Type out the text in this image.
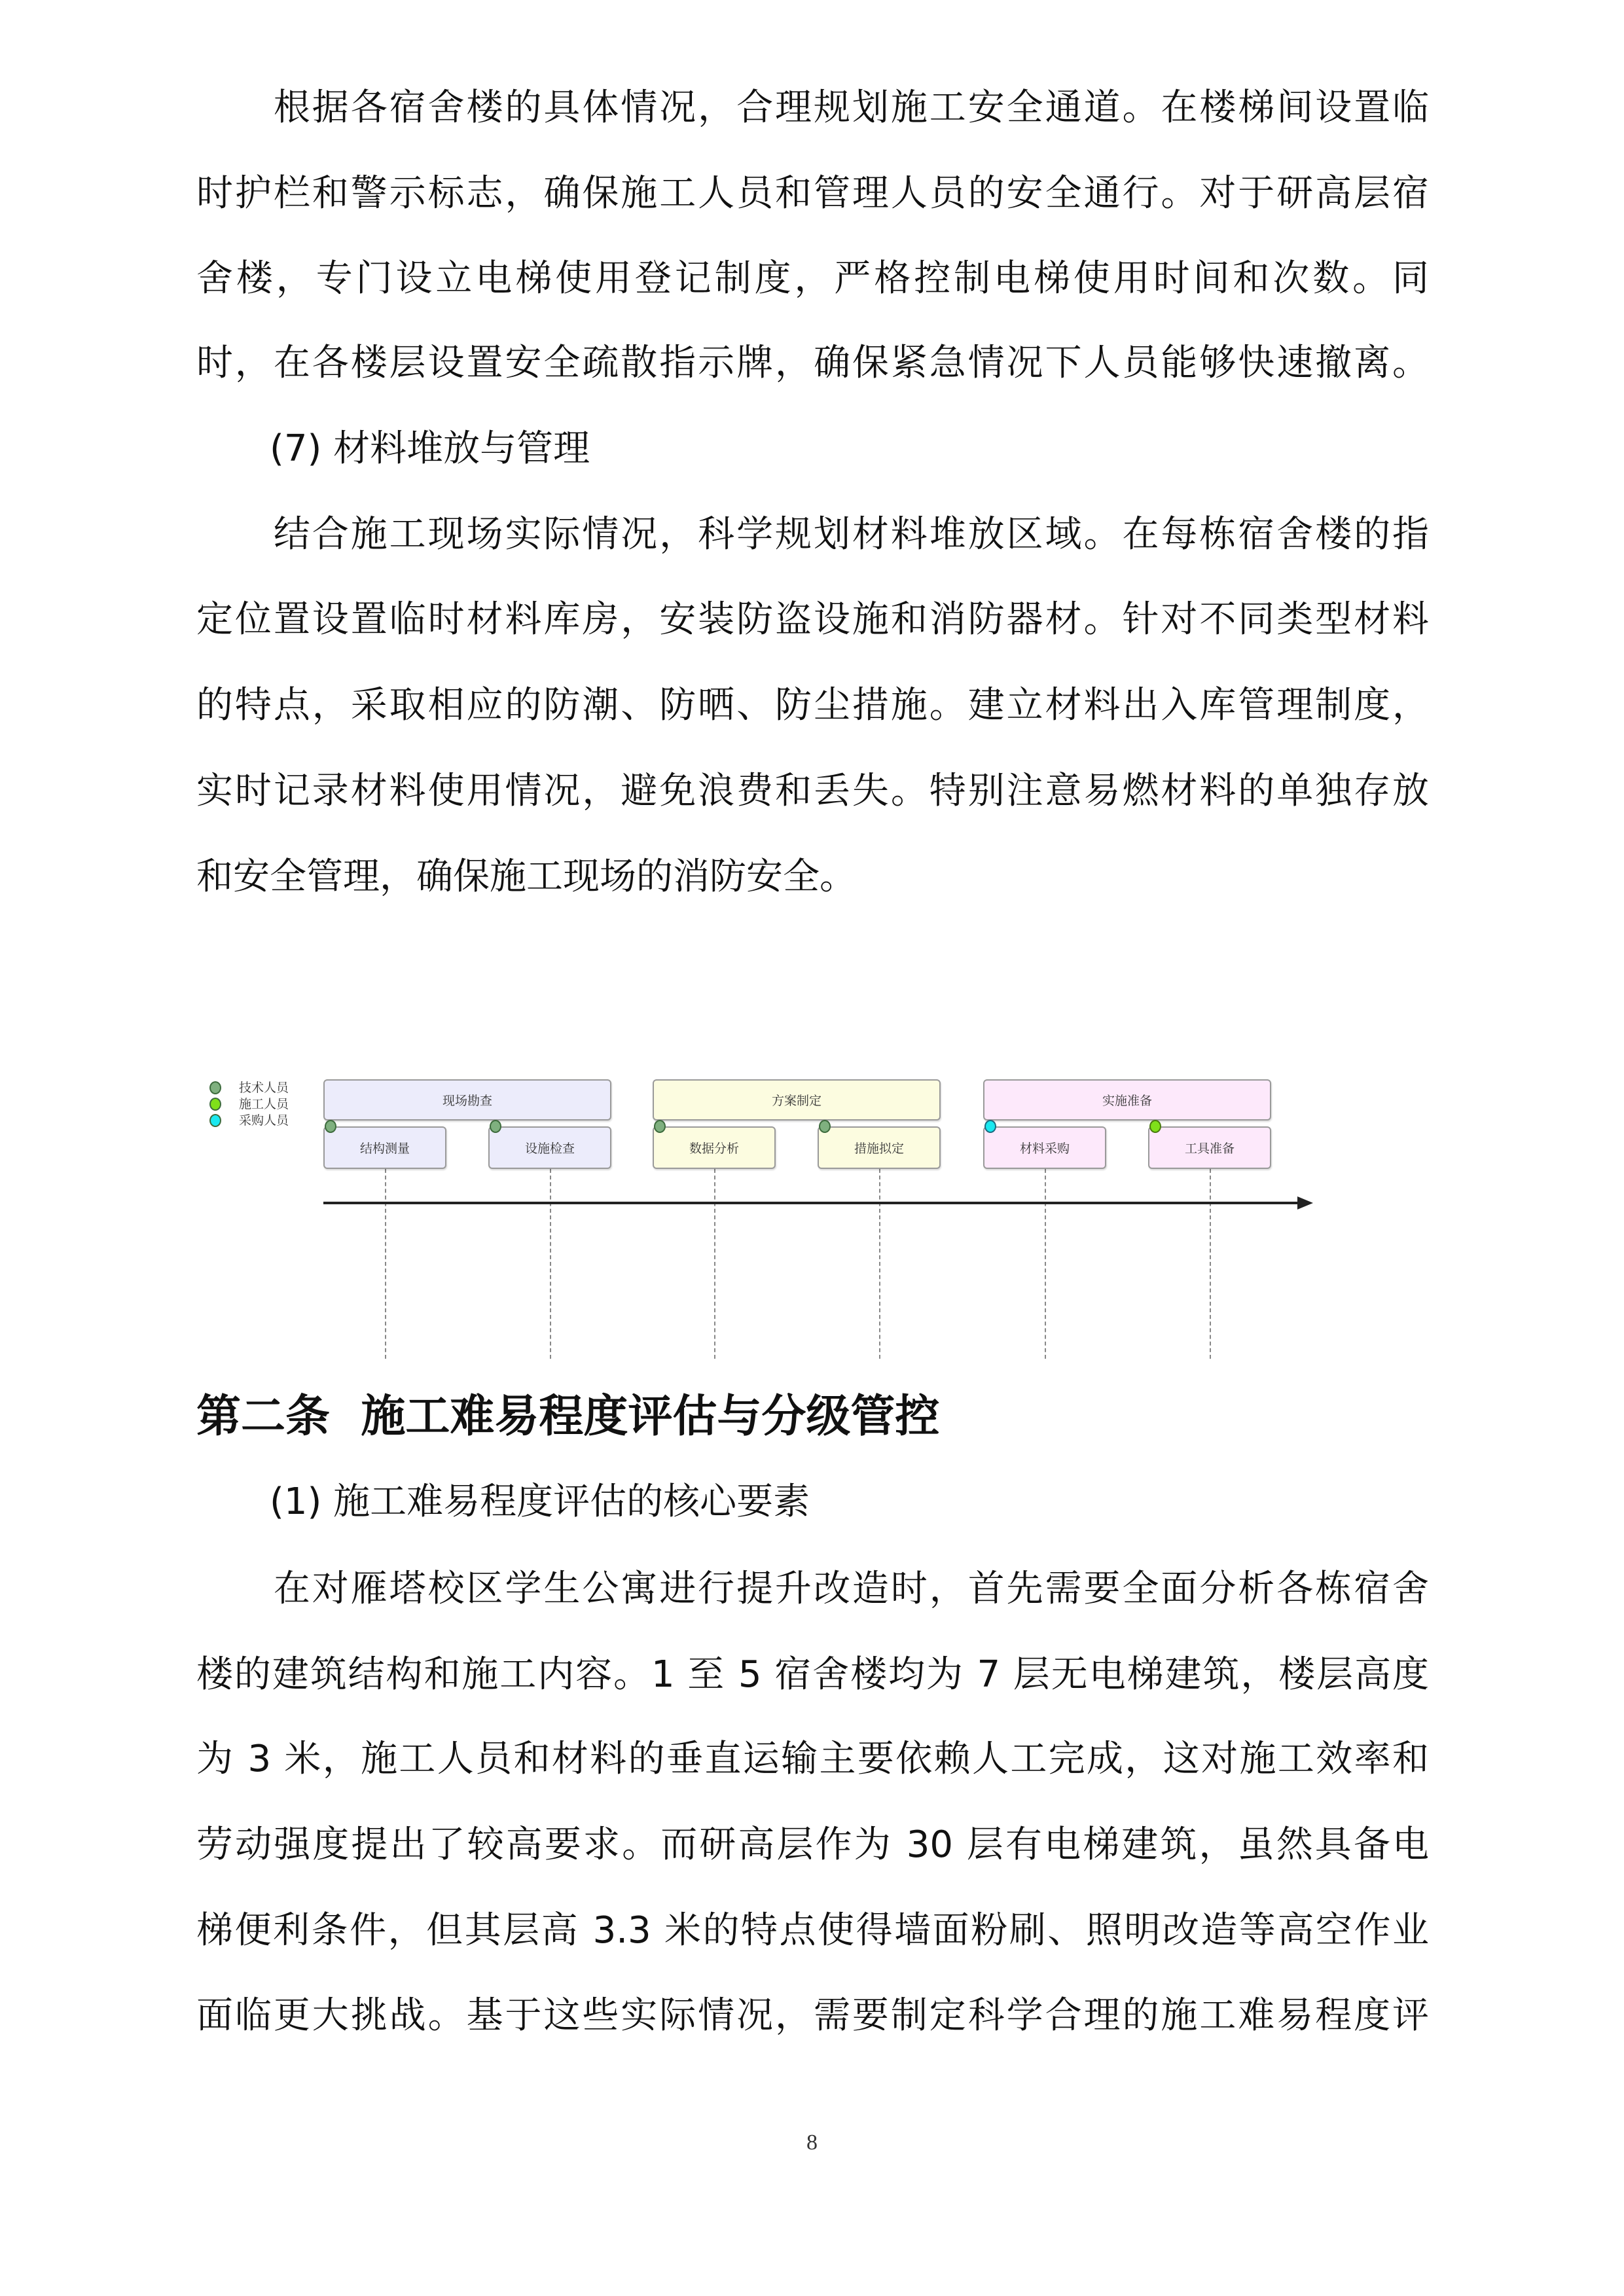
　　根据各宿舍楼的具体情况，合理规划施工安全通道。在楼梯间设置临
时护栏和警示标志，确保施工人员和管理人员的安全通行。对于研高层宿
舍楼，专门设立电梯使用登记制度，严格控制电梯使用时间和次数。同
时，在各楼层设置安全疏散指示牌，确保紧急情况下人员能够快速撤离。
　　(7) 材料堆放与管理
　　结合施工现场实际情况，科学规划材料堆放区域。在每栋宿舍楼的指
定位置设置临时材料库房，安装防盗设施和消防器材。针对不同类型材料
的特点，采取相应的防潮、防晒、防尘措施。建立材料出入库管理制度，
实时记录材料使用情况，避免浪费和丢失。特别注意易燃材料的单独存放
和安全管理，确保施工现场的消防安全。
技术人员
施工人员
采购人员
现场勘查
结构测量	设施检查
方案制定
数据分析	措施拟定
实施准备
材料采购	工具准备
第二条  施工难易程度评估与分级管控
　　(1) 施工难易程度评估的核心要素
　　在对雁塔校区学生公寓进行提升改造时，首先需要全面分析各栋宿舍
楼的建筑结构和施工内容。1 至 5 宿舍楼均为 7 层无电梯建筑，楼层高度
为 3 米，施工人员和材料的垂直运输主要依赖人工完成，这对施工效率和
劳动强度提出了较高要求。而研高层作为 30 层有电梯建筑，虽然具备电
梯便利条件，但其层高 3.3 米的特点使得墙面粉刷、照明改造等高空作业
面临更大挑战。基于这些实际情况，需要制定科学合理的施工难易程度评
8
